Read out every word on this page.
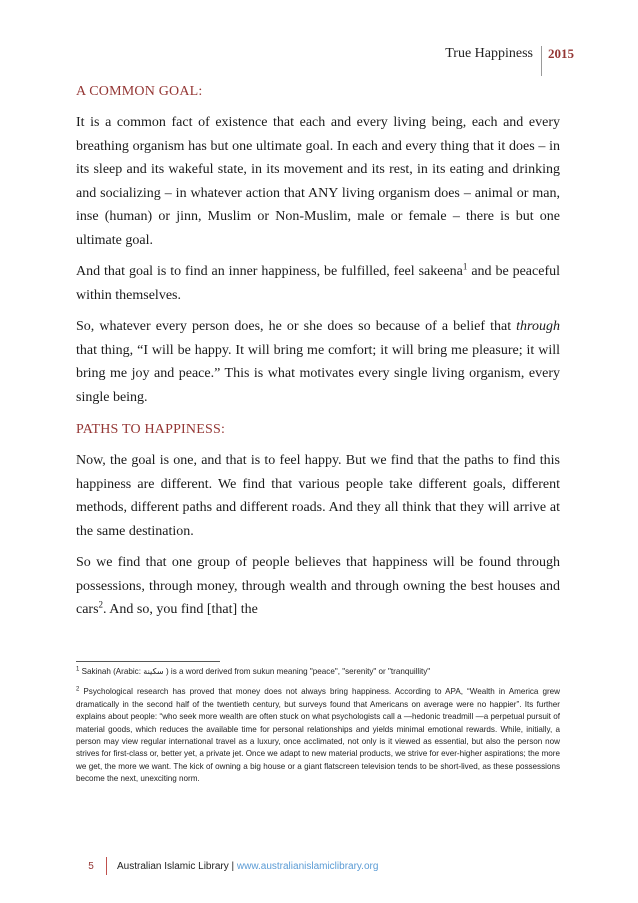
True Happiness	2015
A COMMON GOAL:

It is a common fact of existence that each and every living being, each and every breathing organism has but one ultimate goal. In each and every thing that it does – in its sleep and its wakeful state, in its movement and its rest, in its eating and drinking and socializing – in whatever action that ANY living organism does – animal or man, inse (human) or jinn, Muslim or Non-Muslim, male or female – there is but one ultimate goal.

And that goal is to find an inner happiness, be fulfilled, feel sakeena$^1$ and be peaceful within themselves.

So, whatever every person does, he or she does so because of a belief that through that thing, “I will be happy. It will bring me comfort; it will bring me pleasure; it will bring me joy and peace.” This is what motivates every single living organism, every single being.

PATHS TO HAPPINESS:

Now, the goal is one, and that is to feel happy. But we find that the paths to find this happiness are different. We find that various people take different goals, different methods, different paths and different roads. And they all think that they will arrive at the same destination.

So we find that one group of people believes that happiness will be found through possessions, through money, through wealth and through owning the best houses and cars$^2$. And so, you find [that] the

$^1$ Sakinah (Arabic: سكينة ) is a word derived from sukun meaning "peace", "serenity" or "tranquillity"

$^2$ Psychological research has proved that money does not always bring happiness. According to APA, “Wealth in America grew dramatically in the second half of the twentieth century, but surveys found that Americans on average were no happier”. Its further explains about people: “who seek more wealth are often stuck on what psychologists call a ―hedonic treadmill ―a perpetual pursuit of material goods, which reduces the available time for personal relationships and yields minimal emotional rewards. While, initially, a person may view regular international travel as a luxury, once acclimated, not only is it viewed as essential, but also the person now strives for first-class or, better yet, a private jet. Once we adapt to new material products, we strive for ever-higher aspirations; the more we get, the more we want. The kick of owning a big house or a giant flatscreen television tends to be short-lived, as these possessions become the next, unexciting norm.

5	Australian Islamic Library |
www.australianislamiclibrary.org
